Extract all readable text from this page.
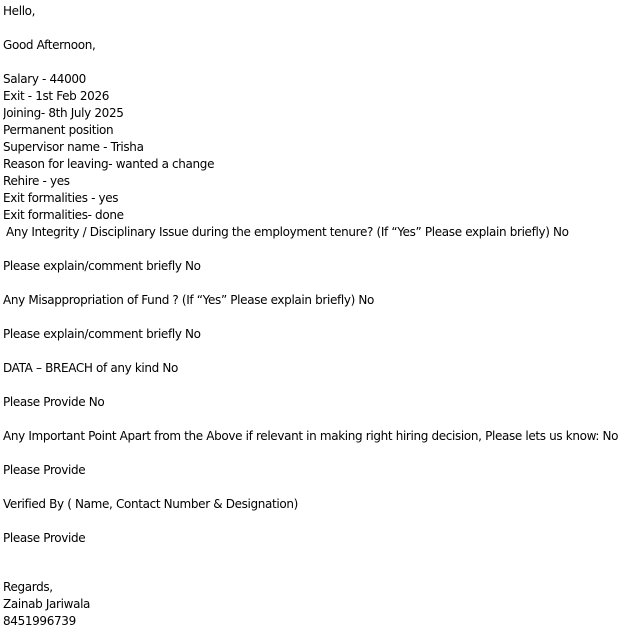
Hello,
Good Afternoon,
Salary - 44000
Exit - 1st Feb 2026
Joining- 8th July 2025
Permanent position
Supervisor name - Trisha
Reason for leaving- wanted a change
Rehire - yes
Exit formalities - yes
Exit formalities- done
Any Integrity / Disciplinary Issue during the employment tenure? (If “Yes” Please explain briefly) No
Please explain/comment briefly No
Any Misappropriation of Fund ? (If “Yes” Please explain briefly) No
Please explain/comment briefly No
DATA – BREACH of any kind No
Please Provide No
Any Important Point Apart from the Above if relevant in making right hiring decision, Please lets us know: No
Please Provide
Verified By ( Name, Contact Number & Designation)
Please Provide
Regards,
Zainab Jariwala
8451996739
